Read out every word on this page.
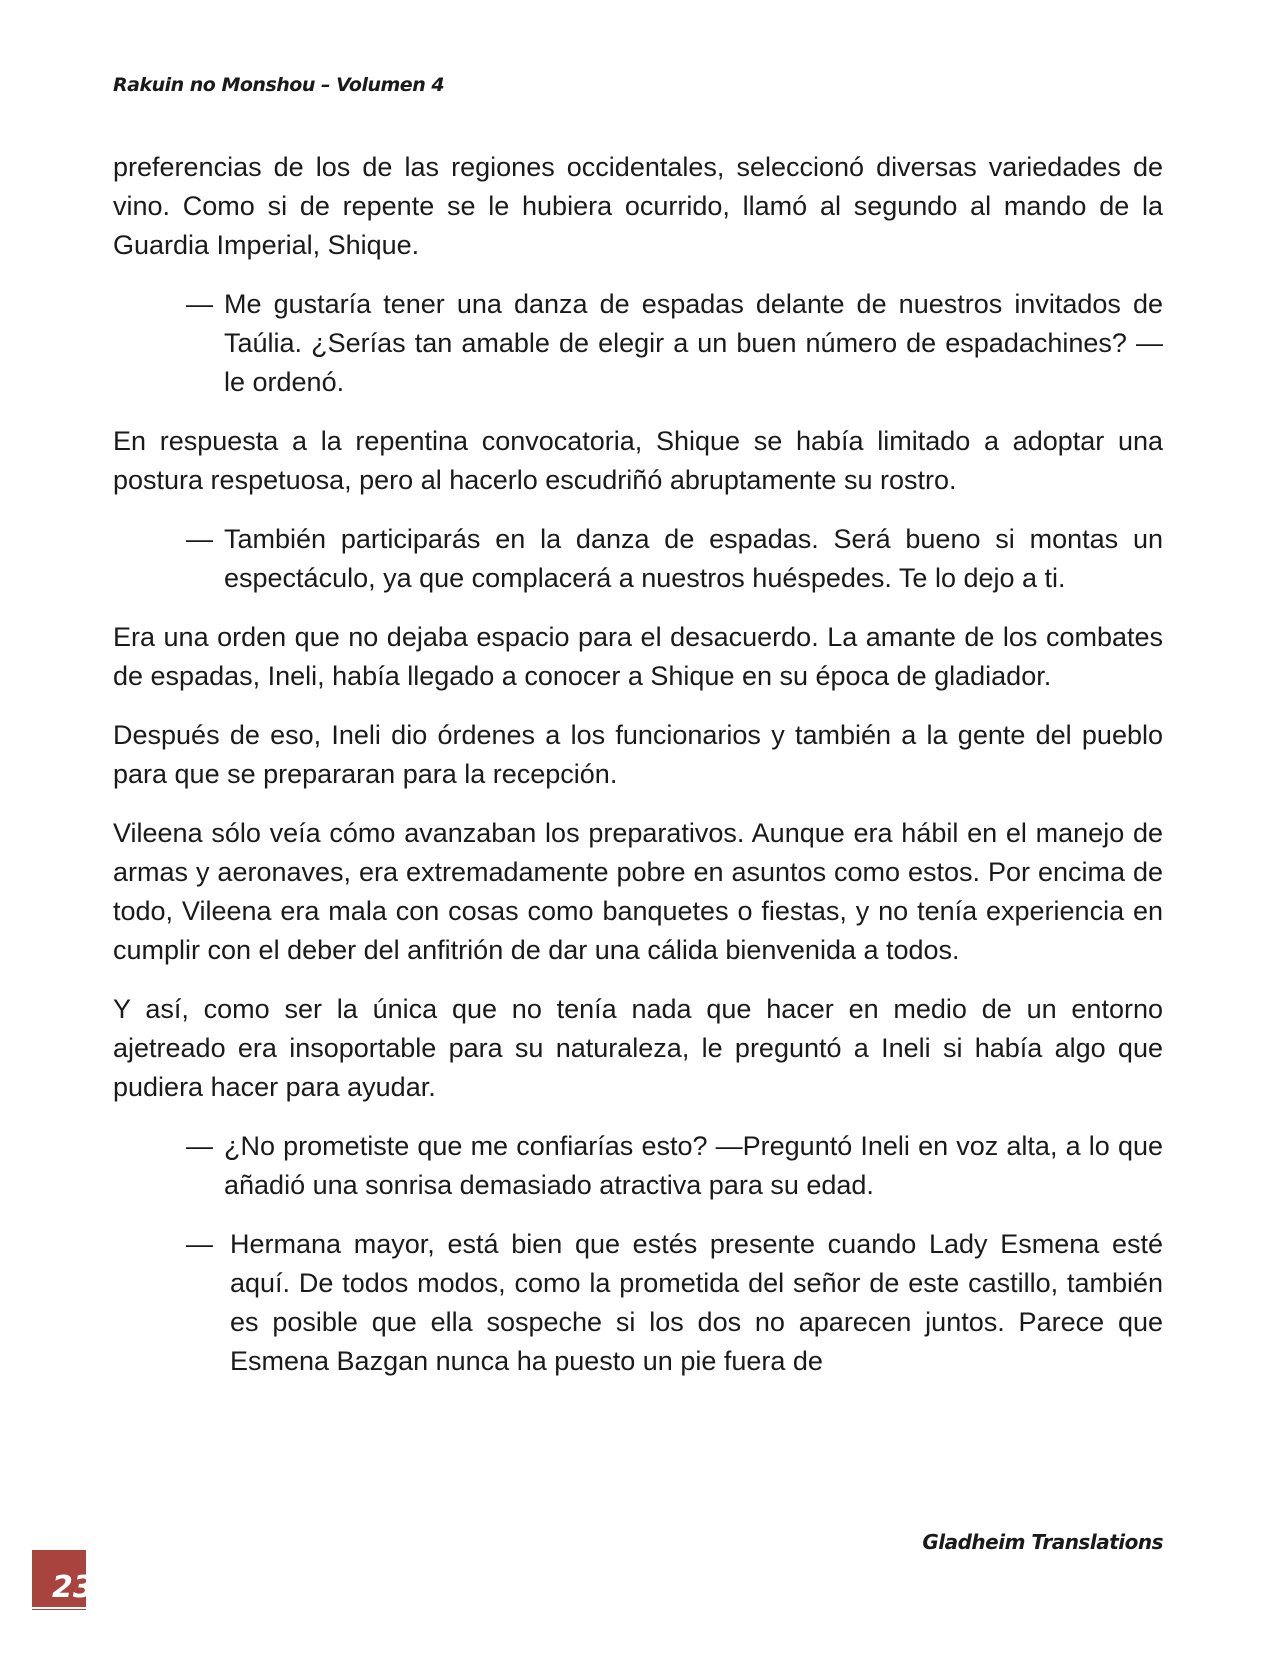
Rakuin no Monshou – Volumen 4

preferencias de los de las regiones occidentales, seleccionó diversas variedades de vino. Como si de repente se le hubiera ocurrido, llamó al segundo al mando de la Guardia Imperial, Shique.

— Me gustaría tener una danza de espadas delante de nuestros invitados de Taúlia. ¿Serías tan amable de elegir a un buen número de espadachines? —le ordenó.

En respuesta a la repentina convocatoria, Shique se había limitado a adoptar una postura respetuosa, pero al hacerlo escudriñó abruptamente su rostro.

— También participarás en la danza de espadas. Será bueno si montas un espectáculo, ya que complacerá a nuestros huéspedes. Te lo dejo a ti.

Era una orden que no dejaba espacio para el desacuerdo. La amante de los combates de espadas, Ineli, había llegado a conocer a Shique en su época de gladiador.

Después de eso, Ineli dio órdenes a los funcionarios y también a la gente del pueblo para que se prepararan para la recepción.

Vileena sólo veía cómo avanzaban los preparativos. Aunque era hábil en el manejo de armas y aeronaves, era extremadamente pobre en asuntos como estos. Por encima de todo, Vileena era mala con cosas como banquetes o fiestas, y no tenía experiencia en cumplir con el deber del anfitrión de dar una cálida bienvenida a todos.

Y así, como ser la única que no tenía nada que hacer en medio de un entorno ajetreado era insoportable para su naturaleza, le preguntó a Ineli si había algo que pudiera hacer para ayudar.

— ¿No prometiste que me confiarías esto? —Preguntó Ineli en voz alta, a lo que añadió una sonrisa demasiado atractiva para su edad.
— Hermana mayor, está bien que estés presente cuando Lady Esmena esté aquí. De todos modos, como la prometida del señor de este castillo, también es posible que ella sospeche si los dos no aparecen juntos. Parece que Esmena Bazgan nunca ha puesto un pie fuera de
Gladheim Translations
23
